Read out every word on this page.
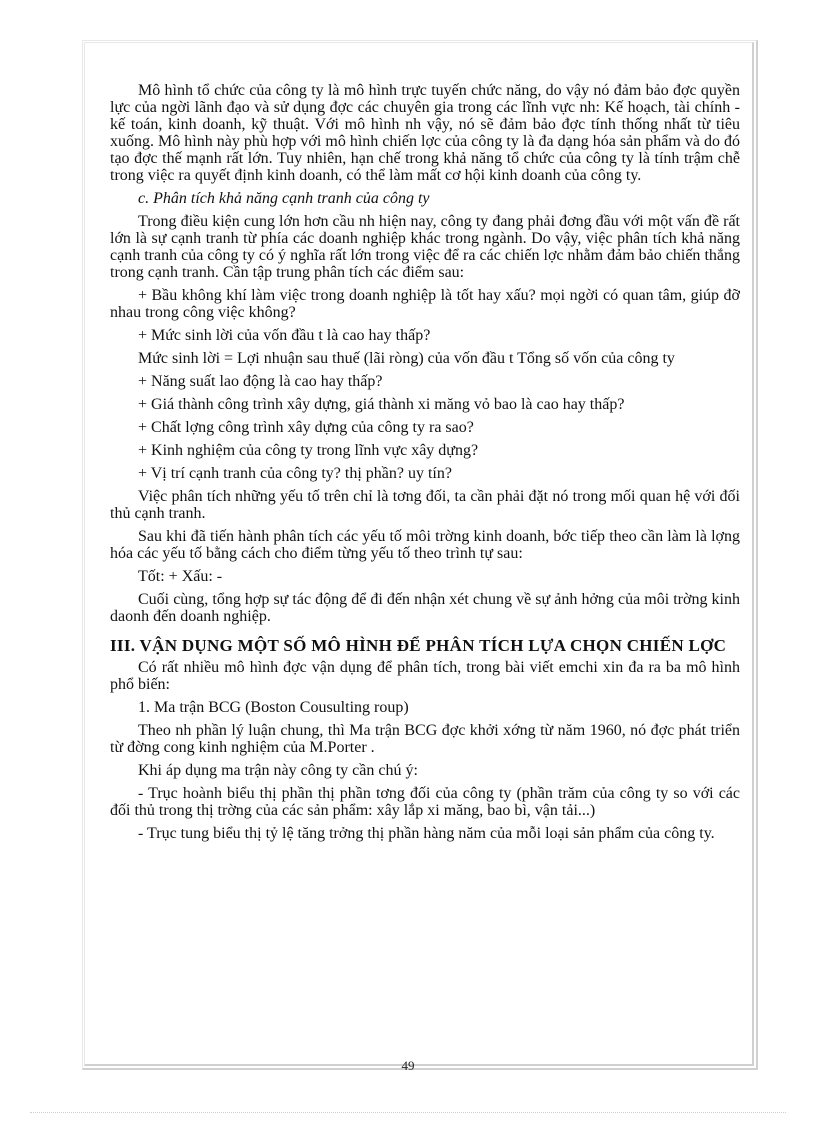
Mô hình tổ chức của công ty là mô hình trực tuyến chức năng, do vậy nó đảm bảo đợc quyền lực của ngời lãnh đạo và sử dụng đợc các chuyên gia trong các lĩnh vực nh: Kế hoạch, tài chính - kế toán, kinh doanh, kỹ thuật. Với mô hình nh vậy, nó sẽ đảm bảo đợc tính thống nhất từ tiêu xuống. Mô hình này phù hợp với mô hình chiến lợc của công ty là đa dạng hóa sản phẩm và do đó tạo đợc thế mạnh rất lớn. Tuy nhiên, hạn chế trong khả năng tổ chức của công ty là tính trậm chễ trong việc ra quyết định kinh doanh, có thể làm mất cơ hội kinh doanh của công ty.

c. Phân tích khả năng cạnh tranh của công ty

Trong điều kiện cung lớn hơn cầu nh hiện nay, công ty đang phải đơng đầu với một vấn đề rất lớn là sự cạnh tranh từ phía các doanh nghiệp khác trong ngành. Do vậy, việc phân tích khả năng cạnh tranh của công ty có ý nghĩa rất lớn trong việc để ra các chiến lợc nhằm đảm bảo chiến thắng trong cạnh tranh. Cần tập trung phân tích các điểm sau:

+ Bầu không khí làm việc trong doanh nghiệp là tốt hay xấu? mọi ngời có quan tâm, giúp đỡ nhau trong công việc không?

+ Mức sinh lời của vốn đầu t là cao hay thấp?

Mức sinh lời = Lợi nhuận sau thuế (lãi ròng) của vốn đầu t Tổng số vốn của công ty

+ Năng suất lao động là cao hay thấp?

+ Giá thành công trình xây dựng, giá thành xi măng vỏ bao là cao hay thấp?

+ Chất lợng công trình xây dựng của công ty ra sao?

+ Kinh nghiệm của công ty trong lĩnh vực xây dựng?

+ Vị trí cạnh tranh của công ty? thị phần? uy tín?

Việc phân tích những yếu tố trên chỉ là tơng đối, ta cần phải đặt nó trong mối quan hệ với đối thủ cạnh tranh.

Sau khi đã tiến hành phân tích các yếu tố môi trờng kinh doanh, bớc tiếp theo cần làm là lợng hóa các yếu tố bằng cách cho điểm từng yếu tố theo trình tự sau:

Tốt: + Xấu: -

Cuối cùng, tổng hợp sự tác động để đi đến nhận xét chung về sự ảnh hởng của môi trờng kinh daonh đến doanh nghiệp.

III. VẬN DỤNG MỘT SỐ MÔ HÌNH ĐỂ PHÂN TÍCH LỰA CHỌN CHIẾN LỢC

Có rất nhiều mô hình đợc vận dụng để phân tích, trong bài viết emchi xin đa ra ba mô hình phổ biến:

1. Ma trận BCG (Boston Cousulting roup)

Theo nh phần lý luận chung, thì Ma trận BCG đợc khởi xớng từ năm 1960, nó đợc phát triển từ đờng cong kinh nghiệm của M.Porter .

Khi áp dụng ma trận này công ty cần chú ý:

- Trục hoành biểu thị phần thị phần tơng đối của công ty (phần trăm của công ty so với các đối thủ trong thị trờng của các sản phẩm: xây lắp xi măng, bao bì, vận tải...)

- Trục tung biểu thị tỷ lệ tăng trởng thị phần hàng năm của mỗi loại sản phẩm của công ty.

49
